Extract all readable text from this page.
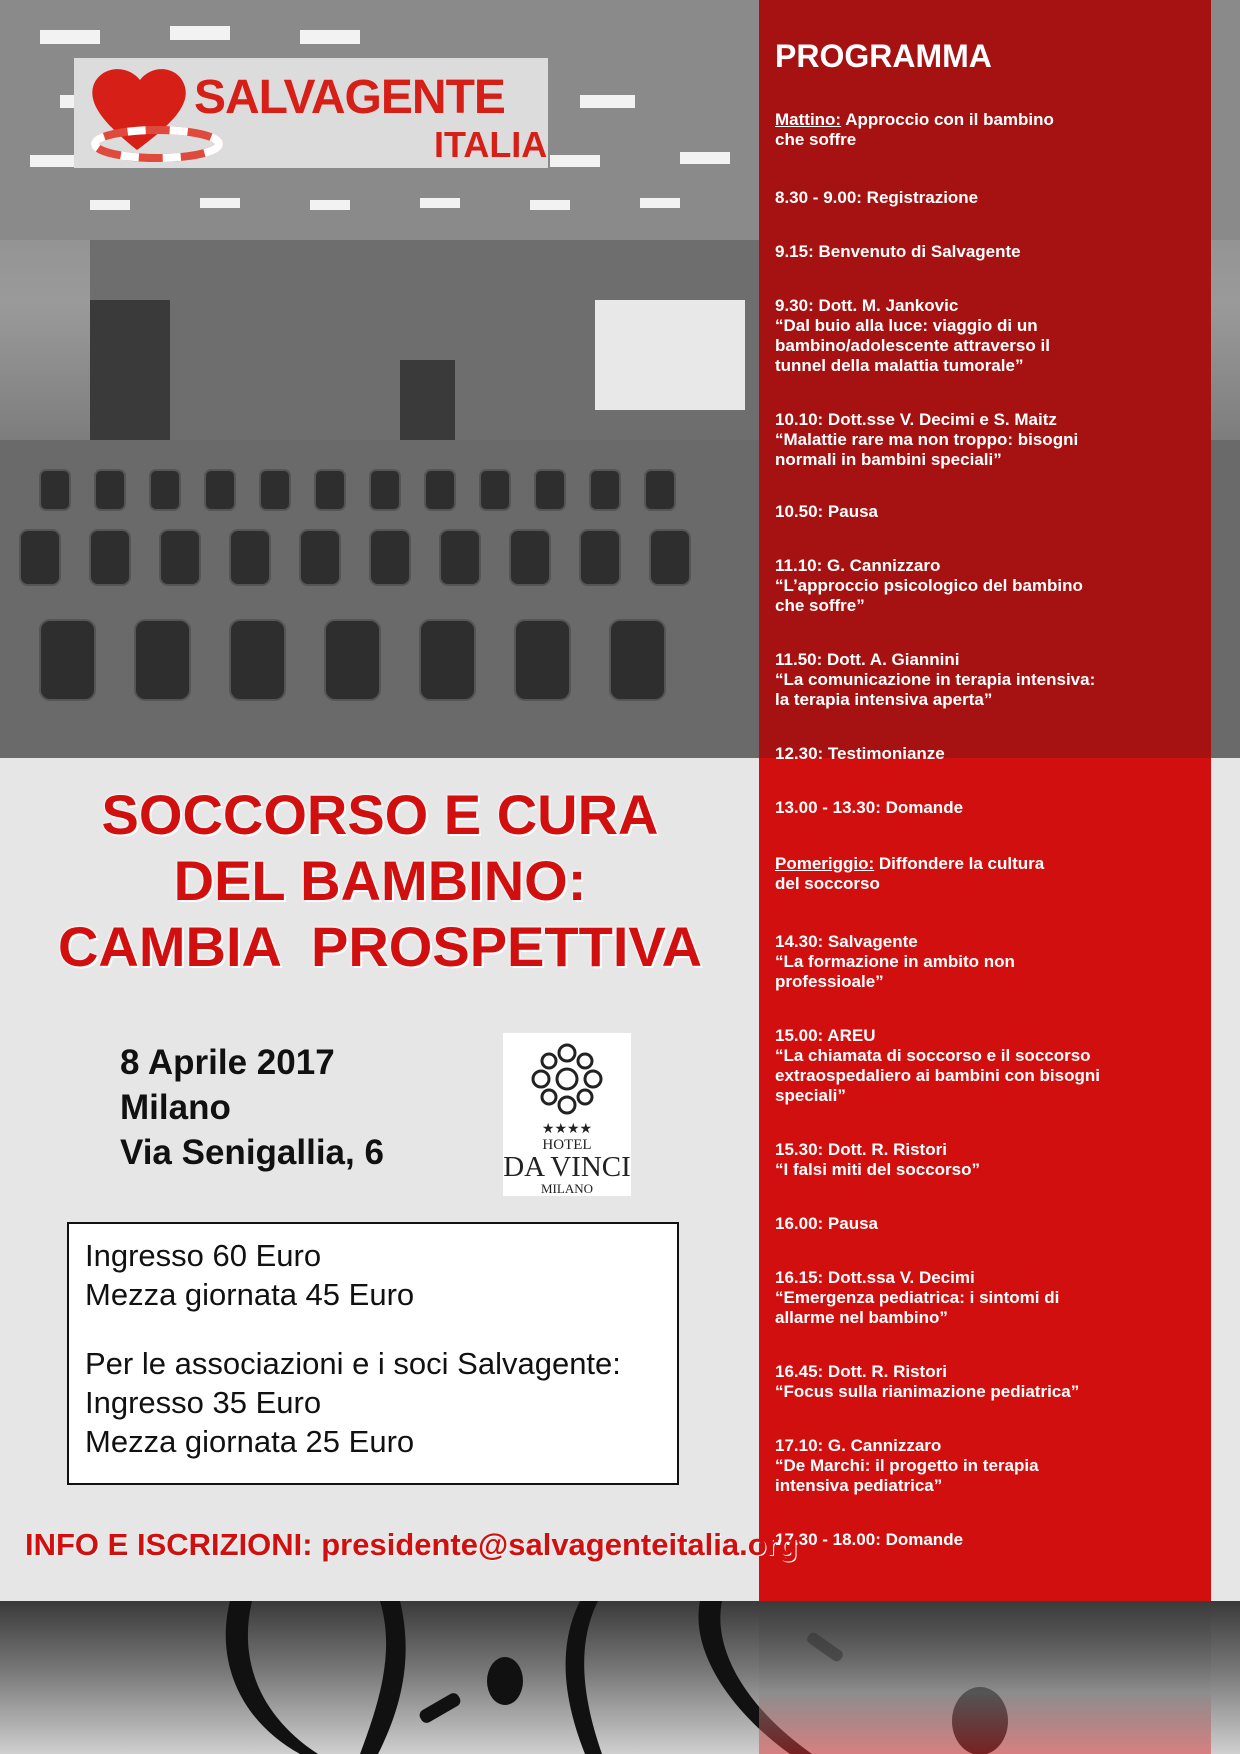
SALVAGENTE
ITALIA
PROGRAMMA
Mattino: Approccio con il bambino
che soffre
8.30 - 9.00: Registrazione
9.15: Benvenuto di Salvagente
9.30: Dott. M. Jankovic
“Dal buio alla luce: viaggio di un
bambino/adolescente attraverso il
tunnel della malattia tumorale”
10.10: Dott.sse V. Decimi e S. Maitz
“Malattie rare ma non troppo: bisogni
normali in bambini speciali”
10.50: Pausa
11.10: G. Cannizzaro
“L’approccio psicologico del bambino
che soffre”
11.50: Dott. A. Giannini
“La comunicazione in terapia intensiva:
la terapia intensiva aperta”
12.30: Testimonianze
13.00 - 13.30: Domande
Pomeriggio: Diffondere la cultura
del soccorso
14.30: Salvagente
“La formazione in ambito non
professioale”
15.00: AREU
“La chiamata di soccorso e il soccorso
extraospedaliero ai bambini con bisogni
speciali”
15.30: Dott. R. Ristori
“I falsi miti del soccorso”
16.00: Pausa
16.15: Dott.ssa V. Decimi
“Emergenza pediatrica: i sintomi di
allarme nel bambino”
16.45: Dott. R. Ristori
“Focus sulla rianimazione pediatrica”
17.10: G. Cannizzaro
“De Marchi: il progetto in terapia
intensiva pediatrica”
17.30 - 18.00: Domande
SOCCORSO E CURA
DEL BAMBINO:
CAMBIA  PROSPETTIVA
8 Aprile 2017
Milano
Via Senigallia, 6
★★★★
HOTEL
DA VINCI
MILANO
Ingresso 60 Euro
Mezza giornata 45 Euro
Per le associazioni e i soci Salvagente:
Ingresso 35 Euro
Mezza giornata 25 Euro
INFO E ISCRIZIONI: presidente@salvagenteitalia.org
